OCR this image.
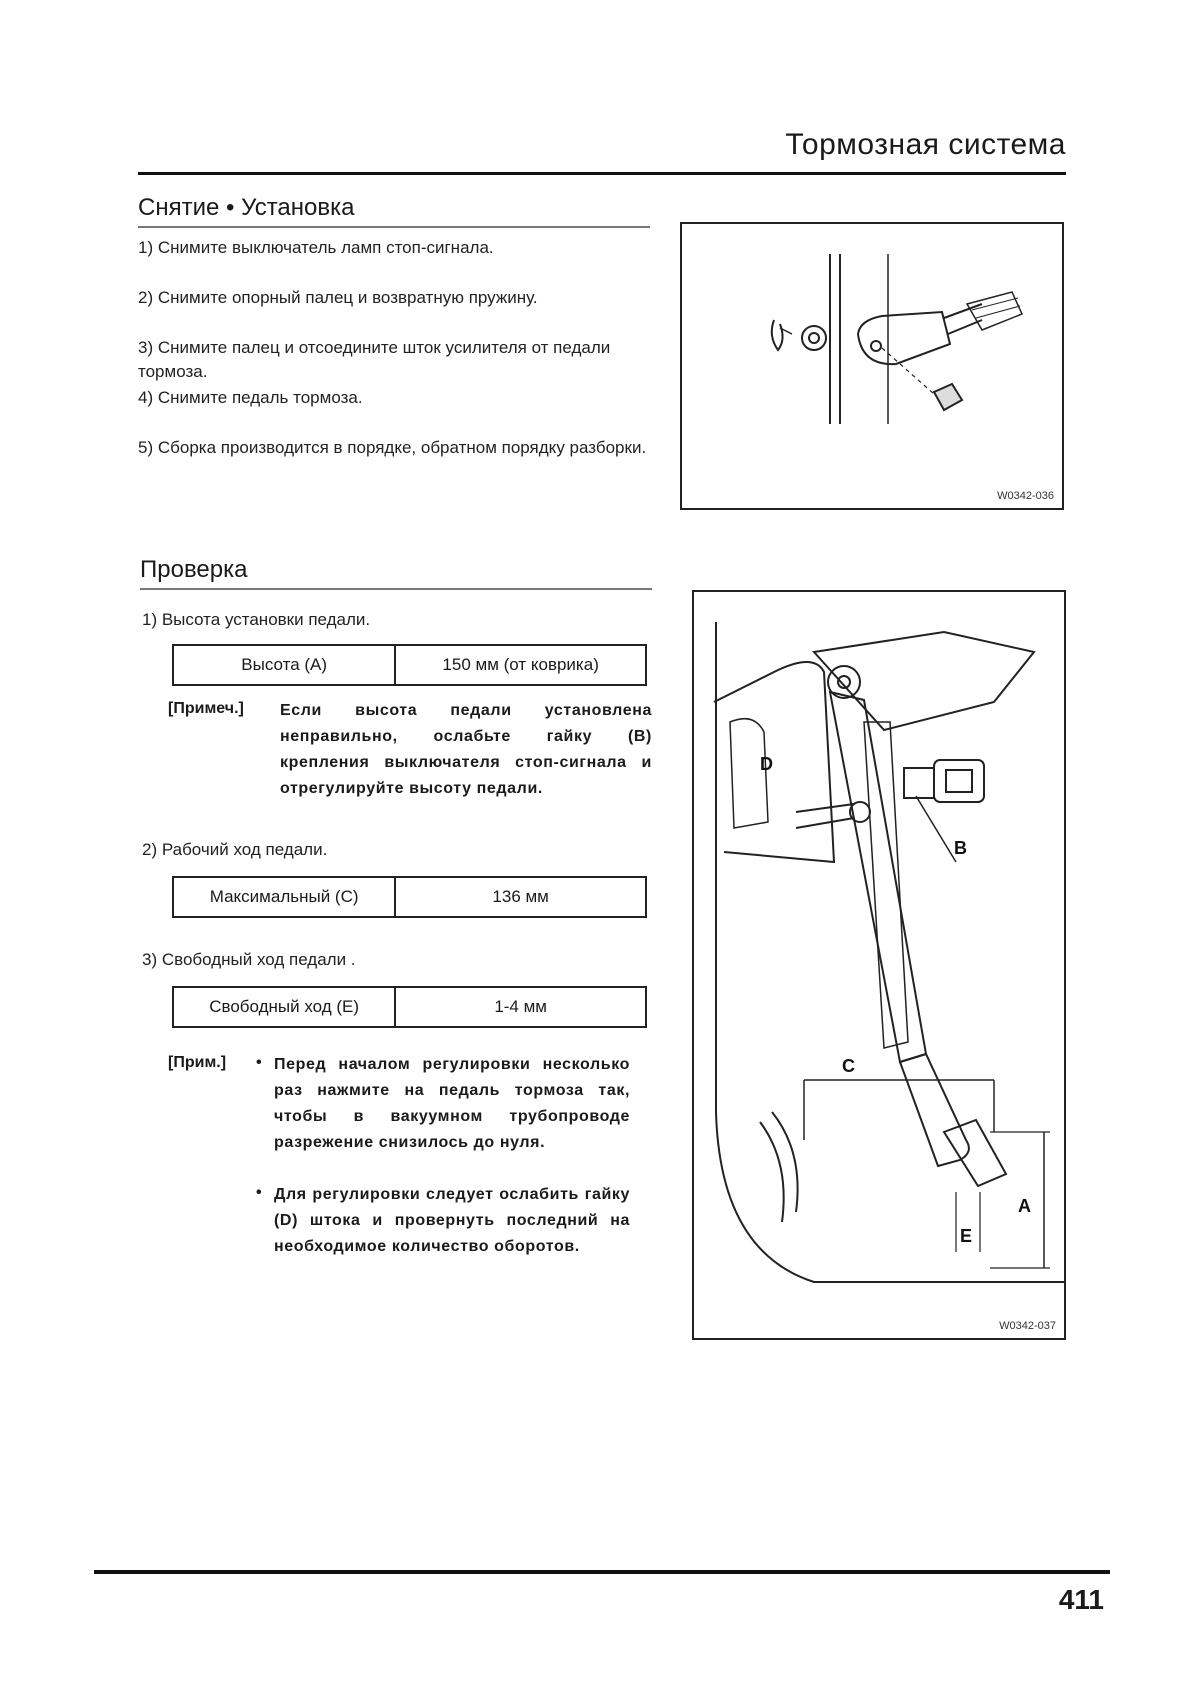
Тормозная система
Снятие • Установка
1) Снимите выключатель ламп стоп-сигнала.
2) Снимите опорный палец и возвратную пружину.
3) Снимите палец и отсоедините шток усилителя от педали тормоза.
4) Снимите педаль тормоза.
5) Сборка производится в порядке, обратном порядку разборки.
W0342-036
Проверка
1) Высота установки педали.
Высота (А)	150 мм (от коврика)
[Примеч.] Если высота педали установлена неправильно, ослабьте гайку (В) крепления выключателя стоп-сигнала и отрегулируйте высоту педали.
2) Рабочий ход педали.
Максимальный (С)	136 мм
3) Свободный ход педали .
Свободный ход (Е)	1-4 мм
[Прим.] • Перед началом регулировки несколько раз нажмите на педаль тормоза так, чтобы в вакуумном трубопроводе разрежение снизилось до нуля.
• Для регулировки следует ослабить гайку (D) штока и провернуть последний на необходимое количество оборотов.
D
B
C
A
E
W0342-037
411
